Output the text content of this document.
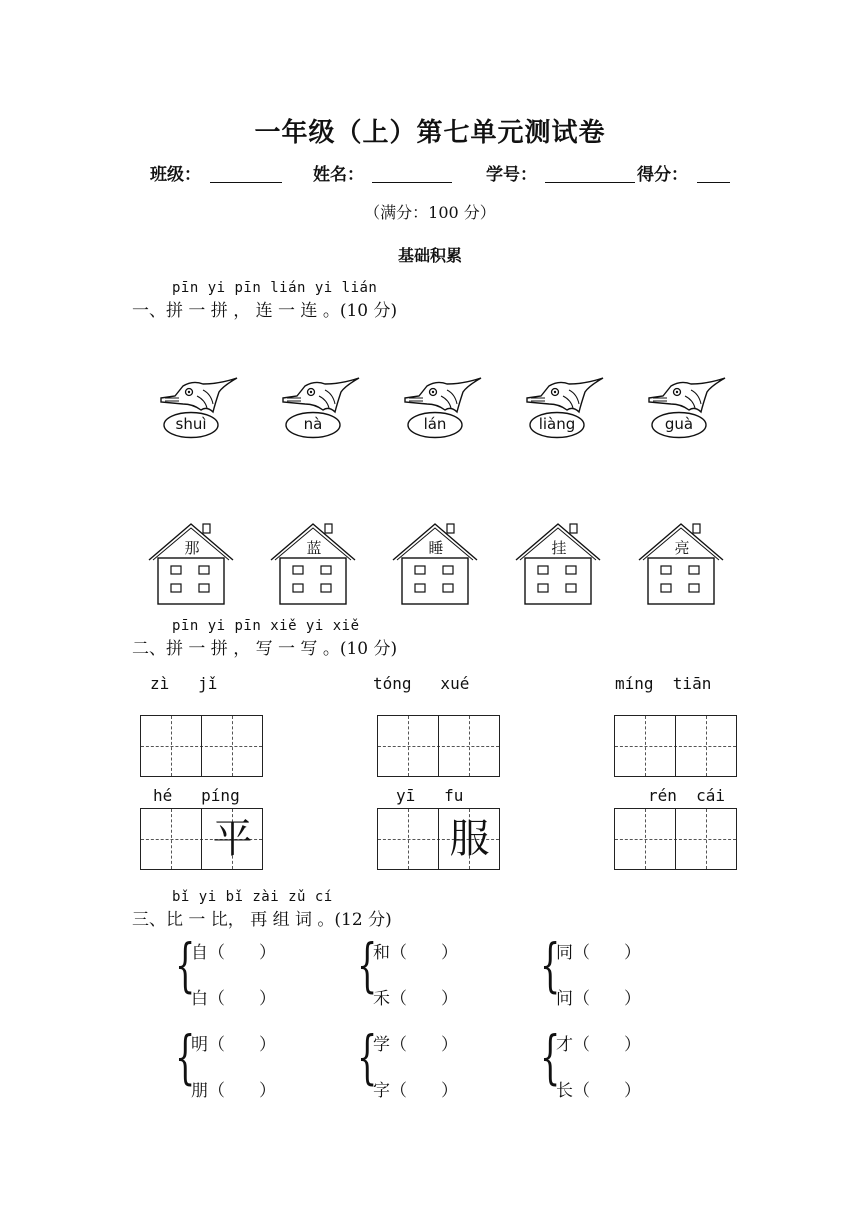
一年级（上）第七单元测试卷
班级：	姓名：	学号：	得分：
（满分：100 分）
基础积累
pīn yi pīn lián yi lián
一、拼 一 拼 ， 连 一 连 。(10 分)
shuì	nà	lán	liàng	guà
那	蓝	睡	挂	亮
pīn yi pīn xiě yi xiě
二、拼 一 拼 ， 写 一 写 。(10 分)
zì   jǐ	tóng   xué	míng  tiān
hé   píng
平
yī   fu
服
rén  cái
bǐ yi bǐ zài zǔ cí
三、比 一 比， 再 组 词 。(12 分)
{
自（　　）
白（　　） {
和（　　）
禾（　　） {
同（　　）
问（　　）
{
明（　　）
朋（　　） {
学（　　）
字（　　） {
才（　　）
长（　　）
